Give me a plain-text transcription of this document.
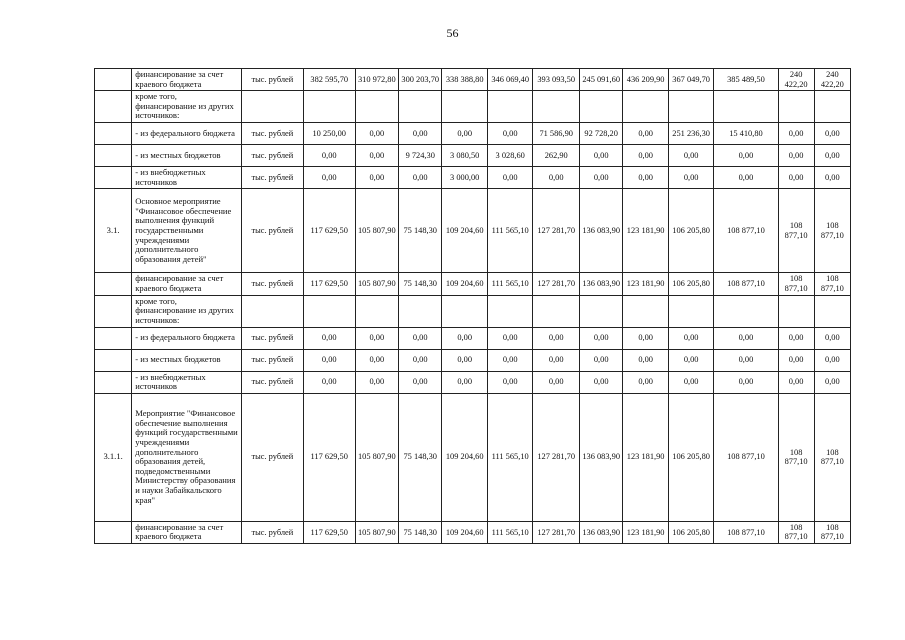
56
	финансирование за счет краевого бюджета	тыс. рублей	382 595,70	310 972,80	300 203,70	338 388,80	346 069,40	393 093,50	245 091,60	436 209,90	367 049,70	385 489,50	240 422,20	240 422,20
	кроме того, финансирование из других источников:													
	- из федерального бюджета	тыс. рублей	10 250,00	0,00	0,00	0,00	0,00	71 586,90	92 728,20	0,00	251 236,30	15 410,80	0,00	0,00
	- из местных бюджетов	тыс. рублей	0,00	0,00	9 724,30	3 080,50	3 028,60	262,90	0,00	0,00	0,00	0,00	0,00	0,00
	- из внебюджетных источников	тыс. рублей	0,00	0,00	0,00	3 000,00	0,00	0,00	0,00	0,00	0,00	0,00	0,00	0,00
3.1.	Основное мероприятие "Финансовое обеспечение выполнения функций государственными учреждениями дополнительного образования детей"	тыс. рублей	117 629,50	105 807,90	75 148,30	109 204,60	111 565,10	127 281,70	136 083,90	123 181,90	106 205,80	108 877,10	108 877,10	108 877,10
	финансирование за счет краевого бюджета	тыс. рублей	117 629,50	105 807,90	75 148,30	109 204,60	111 565,10	127 281,70	136 083,90	123 181,90	106 205,80	108 877,10	108 877,10	108 877,10
	кроме того, финансирование из других источников:													
	- из федерального бюджета	тыс. рублей	0,00	0,00	0,00	0,00	0,00	0,00	0,00	0,00	0,00	0,00	0,00	0,00
	- из местных бюджетов	тыс. рублей	0,00	0,00	0,00	0,00	0,00	0,00	0,00	0,00	0,00	0,00	0,00	0,00
	- из внебюджетных источников	тыс. рублей	0,00	0,00	0,00	0,00	0,00	0,00	0,00	0,00	0,00	0,00	0,00	0,00
3.1.1.	Мероприятие "Финансовое обеспечение выполнения функций государственными учреждениями дополнительного образования детей, подведомственными Министерству образования и науки Забайкальского края"	тыс. рублей	117 629,50	105 807,90	75 148,30	109 204,60	111 565,10	127 281,70	136 083,90	123 181,90	106 205,80	108 877,10	108 877,10	108 877,10
	финансирование за счет краевого бюджета	тыс. рублей	117 629,50	105 807,90	75 148,30	109 204,60	111 565,10	127 281,70	136 083,90	123 181,90	106 205,80	108 877,10	108 877,10	108 877,10
